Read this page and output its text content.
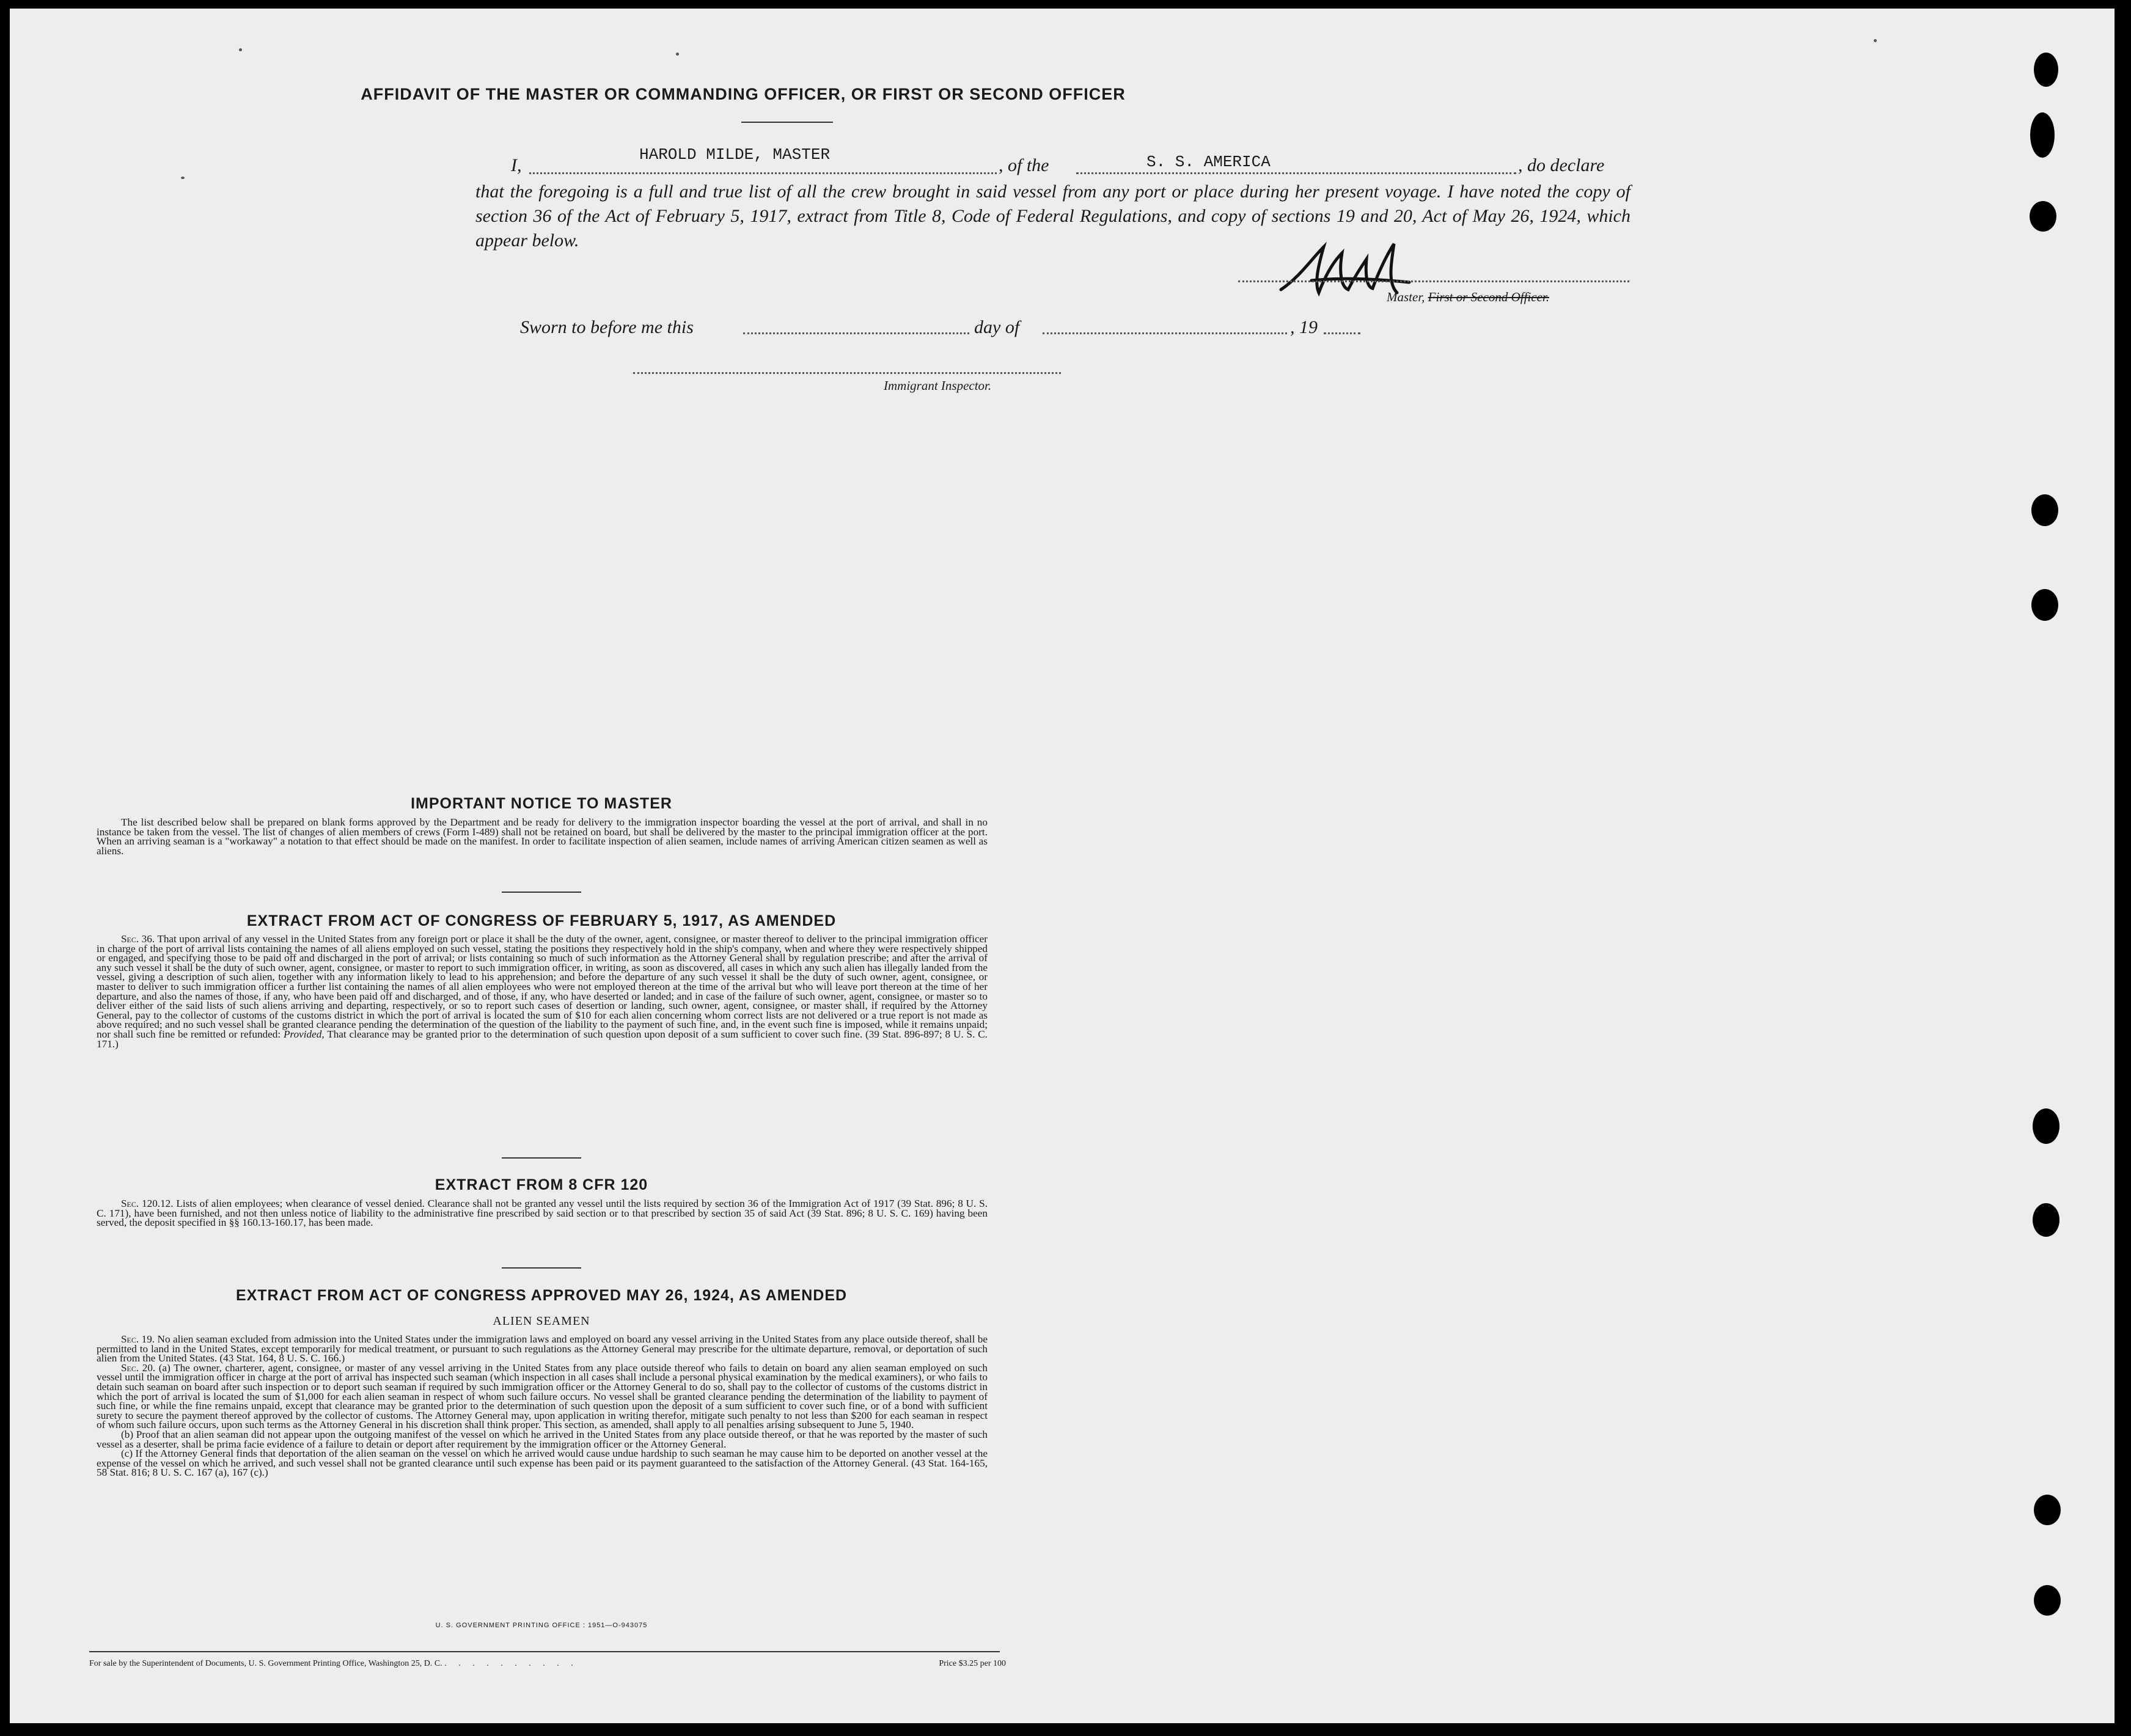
AFFIDAVIT OF THE MASTER OR COMMANDING OFFICER, OR FIRST OR SECOND OFFICER
I,
HAROLD MILDE, MASTER
, of the	S. S. AMERICA	, do declare
that the foregoing is a full and true list of all the crew brought in said vessel from any port or place during her present voyage. I have noted the copy of section 36 of the Act of February 5, 1917, extract from Title 8, Code of Federal Regulations, and copy of sections 19 and 20, Act of May 26, 1924, which appear below.
Master, First or Second Officer.
Sworn to before me this	day of	, 19
Immigrant Inspector.
IMPORTANT NOTICE TO MASTER

The list described below shall be prepared on blank forms approved by the Department and be ready for delivery to the immigration inspector boarding the vessel at the port of arrival, and shall in no instance be taken from the vessel. The list of changes of alien members of crews (Form I-489) shall not be retained on board, but shall be delivered by the master to the principal immigration officer at the port. When an arriving seaman is a "workaway" a notation to that effect should be made on the manifest. In order to facilitate inspection of alien seamen, include names of arriving American citizen seamen as well as aliens.

EXTRACT FROM ACT OF CONGRESS OF FEBRUARY 5, 1917, AS AMENDED

Sec. 36. That upon arrival of any vessel in the United States from any foreign port or place it shall be the duty of the owner, agent, consignee, or master thereof to deliver to the principal immigration officer in charge of the port of arrival lists containing the names of all aliens employed on such vessel, stating the positions they respectively hold in the ship's company, when and where they were respectively shipped or engaged, and specifying those to be paid off and discharged in the port of arrival; or lists containing so much of such information as the Attorney General shall by regulation prescribe; and after the arrival of any such vessel it shall be the duty of such owner, agent, consignee, or master to report to such immigration officer, in writing, as soon as discovered, all cases in which any such alien has illegally landed from the vessel, giving a description of such alien, together with any information likely to lead to his apprehension; and before the departure of any such vessel it shall be the duty of such owner, agent, consignee, or master to deliver to such immigration officer a further list containing the names of all alien employees who were not employed thereon at the time of the arrival but who will leave port thereon at the time of her departure, and also the names of those, if any, who have been paid off and discharged, and of those, if any, who have deserted or landed; and in case of the failure of such owner, agent, consignee, or master so to deliver either of the said lists of such aliens arriving and departing, respectively, or so to report such cases of desertion or landing, such owner, agent, consignee, or master shall, if required by the Attorney General, pay to the collector of customs of the customs district in which the port of arrival is located the sum of $10 for each alien concerning whom correct lists are not delivered or a true report is not made as above required; and no such vessel shall be granted clearance pending the determination of the question of the liability to the payment of such fine, and, in the event such fine is imposed, while it remains unpaid; nor shall such fine be remitted or refunded: Provided, That clearance may be granted prior to the determination of such question upon deposit of a sum sufficient to cover such fine. (39 Stat. 896-897; 8 U. S. C. 171.)

EXTRACT FROM 8 CFR 120

Sec. 120.12. Lists of alien employees; when clearance of vessel denied. Clearance shall not be granted any vessel until the lists required by section 36 of the Immigration Act of 1917 (39 Stat. 896; 8 U. S. C. 171), have been furnished, and not then unless notice of liability to the administrative fine prescribed by said section or to that prescribed by section 35 of said Act (39 Stat. 896; 8 U. S. C. 169) having been served, the deposit specified in §§ 160.13-160.17, has been made.

EXTRACT FROM ACT OF CONGRESS APPROVED MAY 26, 1924, AS AMENDED
ALIEN SEAMEN

Sec. 19. No alien seaman excluded from admission into the United States under the immigration laws and employed on board any vessel arriving in the United States from any place outside thereof, shall be permitted to land in the United States, except temporarily for medical treatment, or pursuant to such regulations as the Attorney General may prescribe for the ultimate departure, removal, or deportation of such alien from the United States. (43 Stat. 164, 8 U. S. C. 166.)

Sec. 20. (a) The owner, charterer, agent, consignee, or master of any vessel arriving in the United States from any place outside thereof who fails to detain on board any alien seaman employed on such vessel until the immigration officer in charge at the port of arrival has inspected such seaman (which inspection in all cases shall include a personal physical examination by the medical examiners), or who fails to detain such seaman on board after such inspection or to deport such seaman if required by such immigration officer or the Attorney General to do so, shall pay to the collector of customs of the customs district in which the port of arrival is located the sum of $1,000 for each alien seaman in respect of whom such failure occurs. No vessel shall be granted clearance pending the determination of the liability to payment of such fine, or while the fine remains unpaid, except that clearance may be granted prior to the determination of such question upon the deposit of a sum sufficient to cover such fine, or of a bond with sufficient surety to secure the payment thereof approved by the collector of customs. The Attorney General may, upon application in writing therefor, mitigate such penalty to not less than $200 for each seaman in respect of whom such failure occurs, upon such terms as the Attorney General in his discretion shall think proper. This section, as amended, shall apply to all penalties arising subsequent to June 5, 1940.

(b) Proof that an alien seaman did not appear upon the outgoing manifest of the vessel on which he arrived in the United States from any place outside thereof, or that he was reported by the master of such vessel as a deserter, shall be prima facie evidence of a failure to detain or deport after requirement by the immigration officer or the Attorney General.

(c) If the Attorney General finds that deportation of the alien seaman on the vessel on which he arrived would cause undue hardship to such seaman he may cause him to be deported on another vessel at the expense of the vessel on which he arrived, and such vessel shall not be granted clearance until such expense has been paid or its payment guaranteed to the satisfaction of the Attorney General. (43 Stat. 164-165, 58 Stat. 816; 8 U. S. C. 167 (a), 167 (c).)

U. S. GOVERNMENT PRINTING OFFICE : 1951—O-943075
For sale by the Superintendent of Documents, U. S. Government Printing Office, Washington 25, D. C. . . . . . . . . . .	Price $3.25 per 100
